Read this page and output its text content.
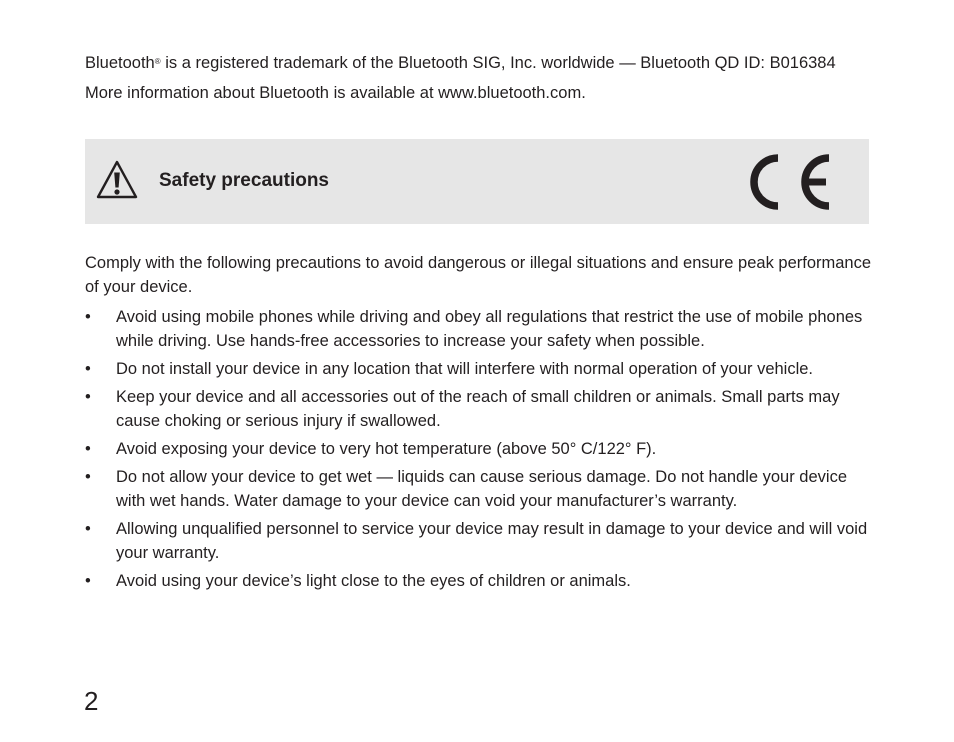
Bluetooth® is a registered trademark of the Bluetooth SIG, Inc. worldwide — Bluetooth QD ID: B016384

More information about Bluetooth is available at www.bluetooth.com.

Safety precautions

Comply with the following precautions to avoid dangerous or illegal situations and ensure peak performance of your device.

• Avoid using mobile phones while driving and obey all regulations that restrict the use of mobile phones while driving. Use hands-free accessories to increase your safety when possible.
• Do not install your device in any location that will interfere with normal operation of your vehicle.
• Keep your device and all accessories out of the reach of small children or animals. Small parts may cause choking or serious injury if swallowed.
• Avoid exposing your device to very hot temperature (above 50° C/122° F).
• Do not allow your device to get wet — liquids can cause serious damage. Do not handle your device with wet hands. Water damage to your device can void your manufacturer’s warranty.
• Allowing unqualified personnel to service your device may result in damage to your device and will void your warranty.
• Avoid using your device’s light close to the eyes of children or animals.
2
